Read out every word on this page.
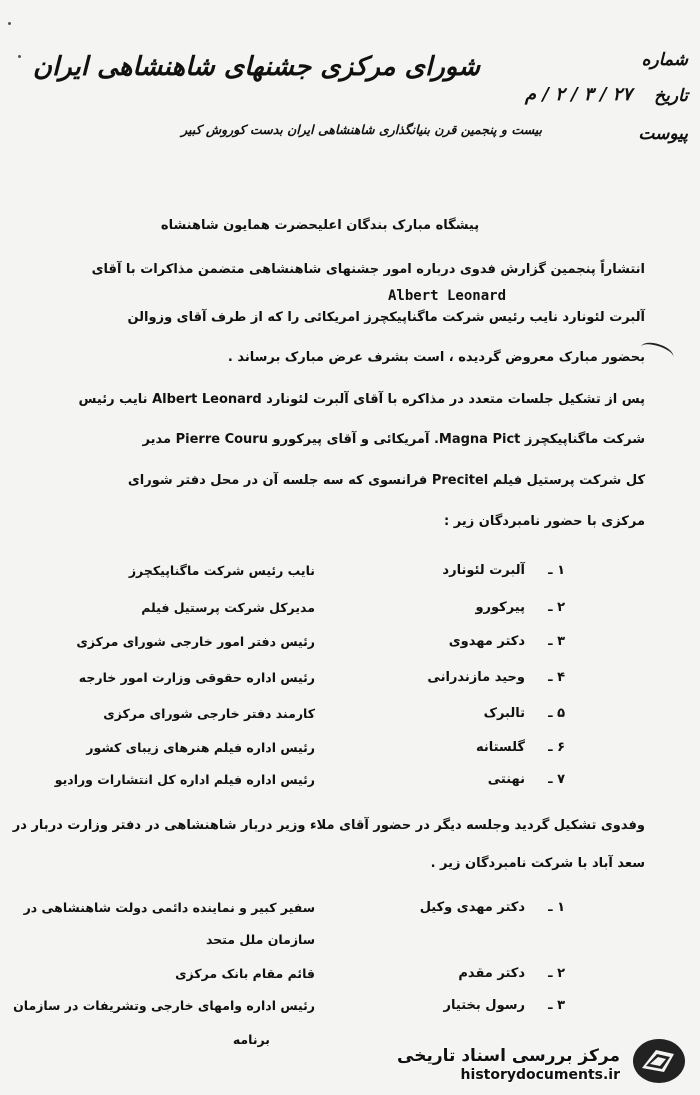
شورای مرکزی جشنهای شاهنشاهی ایران
بیست و پنجمین قرن بنیانگذاری شاهنشاهی ایران بدست کوروش کبیر
شماره
تاریخ
۲۷ / ۳ / ۲ / م
پیوست
پیشگاه مبارک بندگان اعلیحضرت همایون شاهنشاه
انتشاراً پنجمین گزارش فدوی درباره امور جشنهای شاهنشاهی متضمن مذاکرات با آقای
Albert Leonard
آلبرت لئونارد نایب رئیس شرکت ماگناپیکچرز امریکائی را که از طرف آقای وزوالن
بحضور مبارک معروض گردیده ، است بشرف عرض مبارک برساند .
پس از تشکیل جلسات متعدد در مذاکره با آقای آلبرت لئونارد Albert Leonard نایب رئیس
شرکت ماگناپیکچرز Magna Pict. آمریکائی و آقای پیرکورو Pierre Couru مدیر
کل شرکت پرستیل فیلم Precitel فرانسوی که سه جلسه آن در محل دفتر شورای
مرکزی با حضور نامبردگان زیر :
۱ ـ
آلبرت لئونارد
نایب رئیس شرکت ماگناپیکچرز
۲ ـ
پیرکورو
مدیرکل شرکت پرستیل فیلم
۳ ـ
دکتر مهدوی
رئیس دفتر امور خارجی شورای مرکزی
۴ ـ
وحید مازندرانی
رئیس اداره حقوقی وزارت امور خارجه
۵ ـ
تالبرک
کارمند دفتر خارجی شورای مرکزی
۶ ـ
گلستانه
رئیس اداره فیلم هنرهای زیبای کشور
۷ ـ
نهنتی
رئیس اداره فیلم اداره کل انتشارات ورادیو
وفدوی تشکیل گردید وجلسه دیگر در حضور آقای ملاء وزیر دربار شاهنشاهی در دفتر وزارت دربار در
سعد آباد با شرکت نامبردگان زیر .
۱ ـ
دکتر مهدی وکیل
سفیر کبیر و نماینده دائمی دولت شاهنشاهی در
سازمان ملل متحد
۲ ـ
دکتر مقدم
قائم مقام بانک مرکزی
۳ ـ
رسول بختیار
رئیس اداره وامهای خارجی وتشریفات در سازمان
برنامه
مرکز بررسی اسناد تاریخی
historydocuments.ir
